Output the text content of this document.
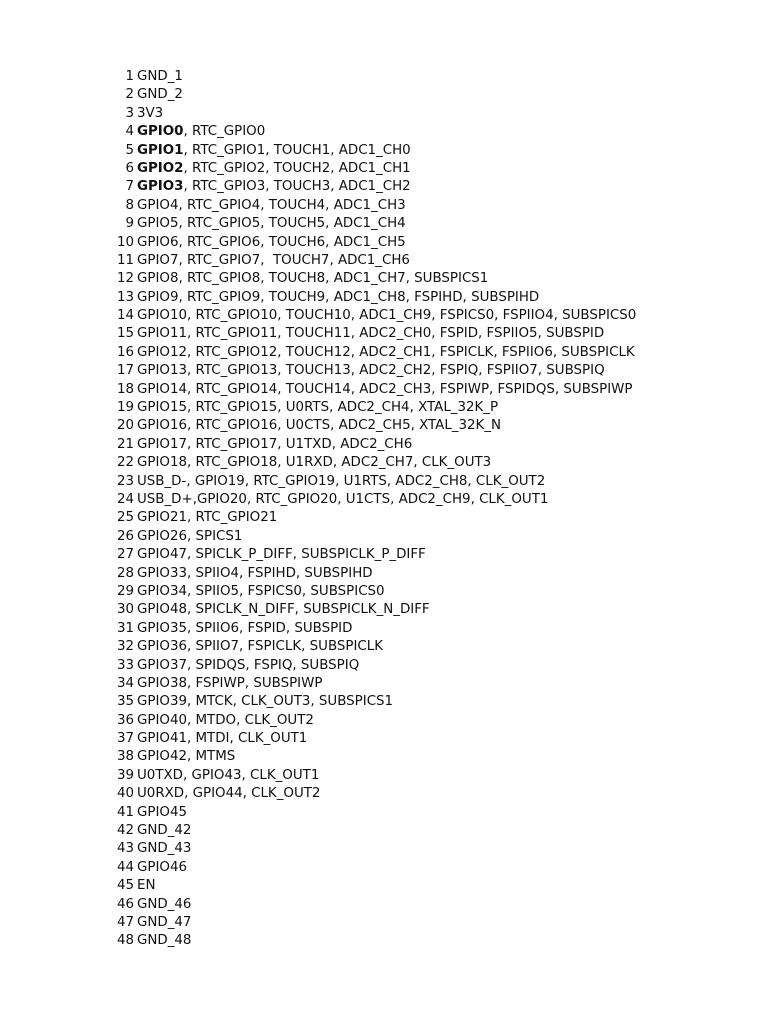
1 GND_1
2 GND_2
3 3V3
4 GPIO0, RTC_GPIO0
5 GPIO1, RTC_GPIO1, TOUCH1, ADC1_CH0
6 GPIO2, RTC_GPIO2, TOUCH2, ADC1_CH1
7 GPIO3, RTC_GPIO3, TOUCH3, ADC1_CH2
8 GPIO4, RTC_GPIO4, TOUCH4, ADC1_CH3
9 GPIO5, RTC_GPIO5, TOUCH5, ADC1_CH4
10 GPIO6, RTC_GPIO6, TOUCH6, ADC1_CH5
11 GPIO7, RTC_GPIO7,  TOUCH7, ADC1_CH6
12 GPIO8, RTC_GPIO8, TOUCH8, ADC1_CH7, SUBSPICS1
13 GPIO9, RTC_GPIO9, TOUCH9, ADC1_CH8, FSPIHD, SUBSPIHD
14 GPIO10, RTC_GPIO10, TOUCH10, ADC1_CH9, FSPICS0, FSPIIO4, SUBSPICS0
15 GPIO11, RTC_GPIO11, TOUCH11, ADC2_CH0, FSPID, FSPIIO5, SUBSPID
16 GPIO12, RTC_GPIO12, TOUCH12, ADC2_CH1, FSPICLK, FSPIIO6, SUBSPICLK
17 GPIO13, RTC_GPIO13, TOUCH13, ADC2_CH2, FSPIQ, FSPIIO7, SUBSPIQ
18 GPIO14, RTC_GPIO14, TOUCH14, ADC2_CH3, FSPIWP, FSPIDQS, SUBSPIWP
19 GPIO15, RTC_GPIO15, U0RTS, ADC2_CH4, XTAL_32K_P
20 GPIO16, RTC_GPIO16, U0CTS, ADC2_CH5, XTAL_32K_N
21 GPIO17, RTC_GPIO17, U1TXD, ADC2_CH6
22 GPIO18, RTC_GPIO18, U1RXD, ADC2_CH7, CLK_OUT3
23 USB_D-, GPIO19, RTC_GPIO19, U1RTS, ADC2_CH8, CLK_OUT2
24 USB_D+,GPIO20, RTC_GPIO20, U1CTS, ADC2_CH9, CLK_OUT1
25 GPIO21, RTC_GPIO21
26 GPIO26, SPICS1
27 GPIO47, SPICLK_P_DIFF, SUBSPICLK_P_DIFF
28 GPIO33, SPIIO4, FSPIHD, SUBSPIHD
29 GPIO34, SPIIO5, FSPICS0, SUBSPICS0
30 GPIO48, SPICLK_N_DIFF, SUBSPICLK_N_DIFF
31 GPIO35, SPIIO6, FSPID, SUBSPID
32 GPIO36, SPIIO7, FSPICLK, SUBSPICLK
33 GPIO37, SPIDQS, FSPIQ, SUBSPIQ
34 GPIO38, FSPIWP, SUBSPIWP
35 GPIO39, MTCK, CLK_OUT3, SUBSPICS1
36 GPIO40, MTDO, CLK_OUT2
37 GPIO41, MTDI, CLK_OUT1
38 GPIO42, MTMS
39 U0TXD, GPIO43, CLK_OUT1
40 U0RXD, GPIO44, CLK_OUT2
41 GPIO45
42 GND_42
43 GND_43
44 GPIO46
45 EN
46 GND_46
47 GND_47
48 GND_48
